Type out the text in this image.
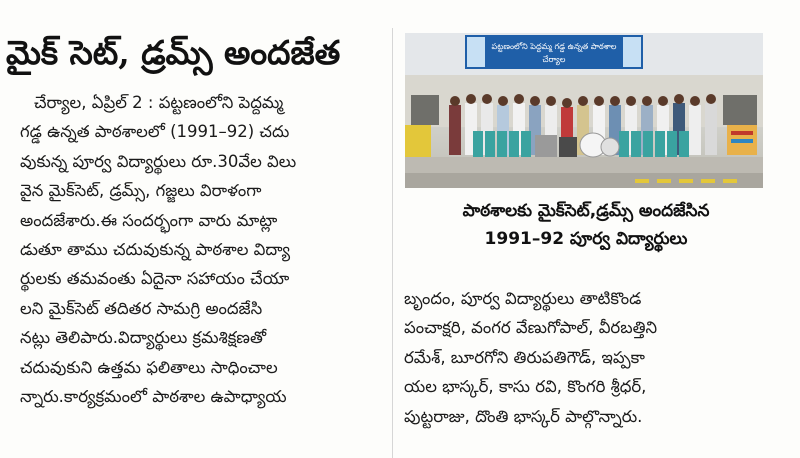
మైక్ సెట్, డ్రమ్స్ అందజేత
చేర్యాల, ఏప్రిల్ 2 : పట్టణంలోని పెద్దమ్మ
గడ్డ ఉన్నత పాఠశాలలో (1991–92) చదు
వుకున్న పూర్వ విద్యార్థులు రూ.30వేల విలు
వైన మైక్‌సెట్, డ్రమ్స్, గజ్జలు విరాళంగా
అందజేశారు.ఈ సందర్భంగా వారు మాట్లా
డుతూ తాము చదువుకున్న పాఠశాల విద్యా
ర్థులకు తమవంతు ఏదైనా సహాయం చేయా
లని మైక్‌సెట్ తదితర సామగ్రి అందజేసి
నట్లు తెలిపారు.విద్యార్థులు క్రమశిక్షణతో
చదువుకుని ఉత్తమ ఫలితాలు సాధించాల
న్నారు.కార్యక్రమంలో పాఠశాల ఉపాధ్యాయ
పట్టణంలోని పెద్దమ్మ గడ్డ ఉన్నత పాఠశాల
చేర్యాల
పాఠశాలకు మైక్‌సెట్,డ్రమ్స్ అందజేసిన
1991–92 పూర్వ విద్యార్థులు
బృందం, పూర్వ విద్యార్థులు తాటికొండ
పంచాక్షరి, వంగర వేణుగోపాల్, వీరబత్తిని
రమేశ్, బూరగోని తిరుపతిగౌడ్, ఇప్పకా
యల భాస్కర్, కాసు రవి, కొంగరి శ్రీధర్,
పుట్టరాజు, దొంతి భాస్కర్ పాల్గొన్నారు.
